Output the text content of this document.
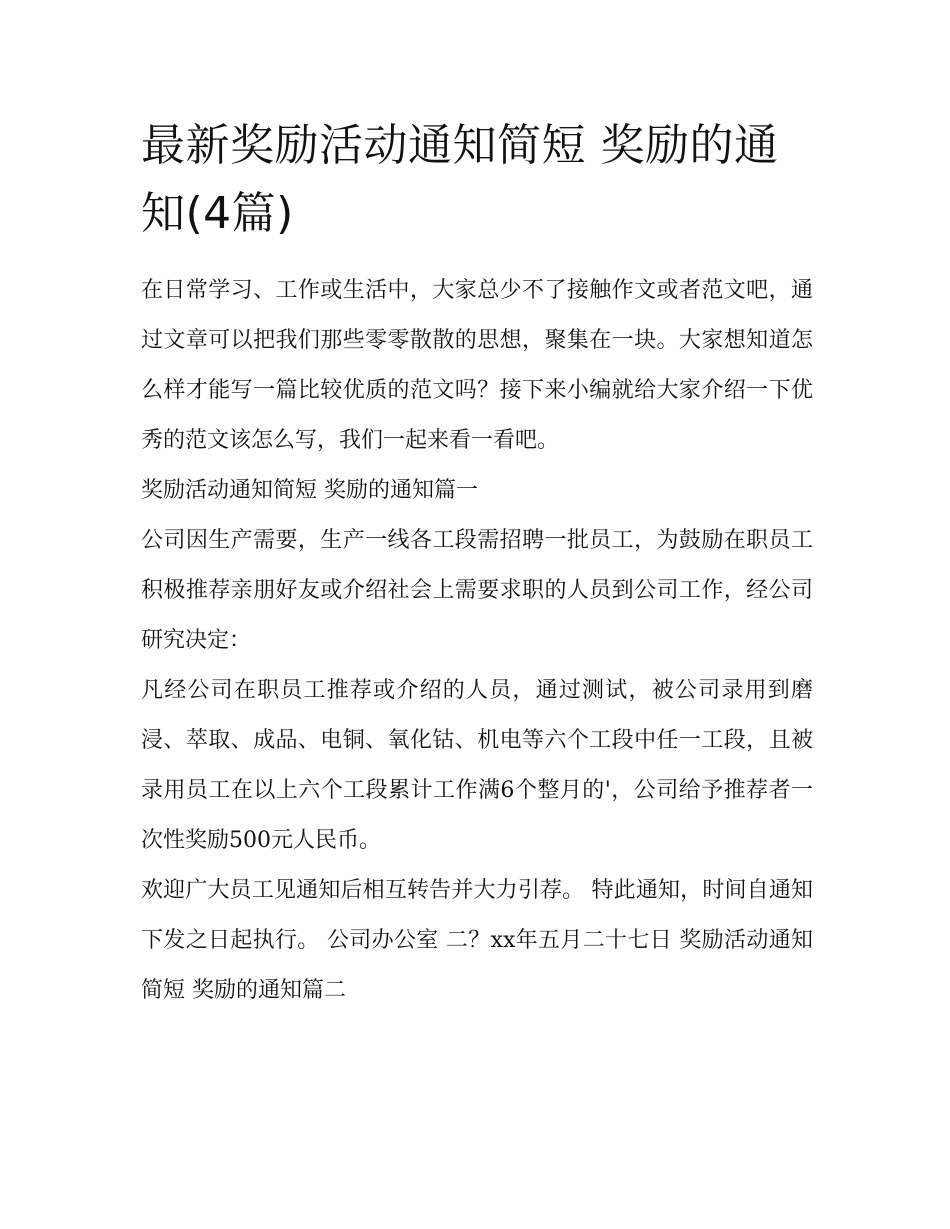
最新奖励活动通知简短 奖励的通知(4篇)

在日常学习、工作或生活中，大家总少不了接触作文或者范文吧，通过文章可以把我们那些零零散散的思想，聚集在一块。大家想知道怎么样才能写一篇比较优质的范文吗？接下来小编就给大家介绍一下优秀的范文该怎么写，我们一起来看一看吧。

奖励活动通知简短 奖励的通知篇一

公司因生产需要，生产一线各工段需招聘一批员工，为鼓励在职员工积极推荐亲朋好友或介绍社会上需要求职的人员到公司工作，经公司研究决定：

凡经公司在职员工推荐或介绍的人员，通过测试，被公司录用到磨浸、萃取、成品、电铜、氧化钴、机电等六个工段中任一工段，且被录用员工在以上六个工段累计工作满6个整月的'，公司给予推荐者一次性奖励500元人民币。

欢迎广大员工见通知后相互转告并大力引荐。 特此通知，时间自通知下发之日起执行。 公司办公室 二？xx年五月二十七日 奖励活动通知简短 奖励的通知篇二
